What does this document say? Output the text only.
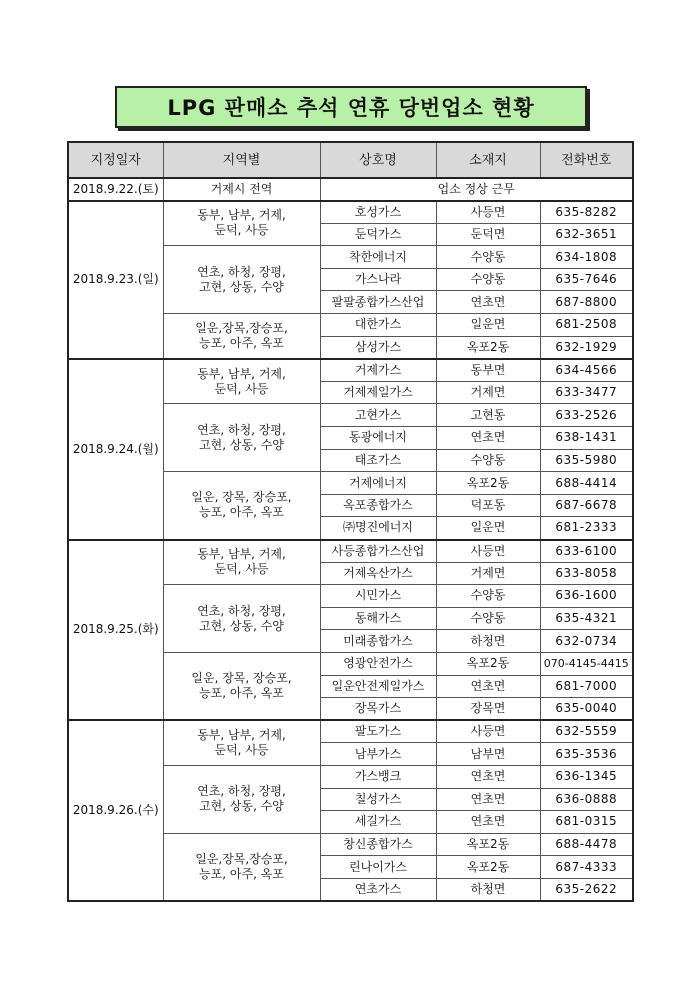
LPG 판매소 추석 연휴 당번업소 현황
지정일자	지역별	상호명	소재지	전화번호
2018.9.22.(토)	거제시 전역	업소 정상 근무		
2018.9.23.(일)	동부, 남부, 거제,
둔덕, 사등	호성가스	사등면	635-8282
		둔덕가스	둔덕면	632-3651
	연초, 하청, 장평,
고현, 상동, 수양	착한에너지	수양동	634-1808
		가스나라	수양동	635-7646
		팔팔종합가스산업	연초면	687-8800
	일운,장목,장승포,
능포, 아주, 옥포	대한가스	일운면	681-2508
		삼성가스	옥포2동	632-1929
2018.9.24.(월)	동부, 남부, 거제,
둔덕, 사등	거제가스	동부면	634-4566
		거제제일가스	거제면	633-3477
	연초, 하청, 장평,
고현, 상동, 수양	고현가스	고현동	633-2526
		동광에너지	연초면	638-1431
		태조가스	수양동	635-5980
	일운, 장목, 장승포,
능포, 아주, 옥포	거제에너지	옥포2동	688-4414
		옥포종합가스	덕포동	687-6678
		㈜명진에너지	일운면	681-2333
2018.9.25.(화)	동부, 남부, 거제,
둔덕, 사등	사등종합가스산업	사등면	633-6100
		거제옥산가스	거제면	633-8058
	연초, 하청, 장평,
고현, 상동, 수양	시민가스	수양동	636-1600
		동해가스	수양동	635-4321
		미래종합가스	하청면	632-0734
	일운, 장목, 장승포,
능포, 아주, 옥포	영광안전가스	옥포2동	070-4145-4415
		일운안전제일가스	연초면	681-7000
		장목가스	장목면	635-0040
2018.9.26.(수)	동부, 남부, 거제,
둔덕, 사등	팔도가스	사등면	632-5559
		남부가스	남부면	635-3536
	연초, 하청, 장평,
고현, 상동, 수양	가스뱅크	연초면	636-1345
		칠성가스	연초면	636-0888
		세길가스	연초면	681-0315
	일운,장목,장승포,
능포, 아주, 옥포	창신종합가스	옥포2동	688-4478
		린나이가스	옥포2동	687-4333
		연초가스	하청면	635-2622
